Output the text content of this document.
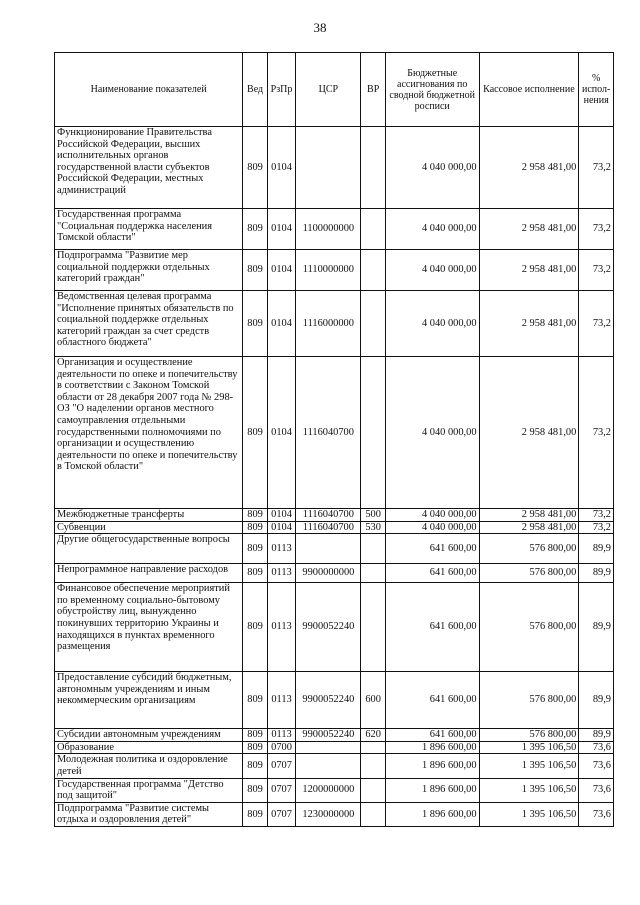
38
Наименование показателей	Вед	РзПр	ЦСР	ВР	Бюджетные ассигнования по сводной бюджетной росписи	Кассовое исполнение	% испол-нения
Функционирование Правительства Российской Федерации, высших исполнительных органов государственной власти субъектов Российской Федерации, местных администраций	809	0104			4 040 000,00	2 958 481,00	73,2
Государственная программа "Социальная поддержка населения Томской области"	809	0104	1100000000		4 040 000,00	2 958 481,00	73,2
Подпрограмма "Развитие мер социальной поддержки отдельных категорий граждан"	809	0104	1110000000		4 040 000,00	2 958 481,00	73,2
Ведомственная целевая программа "Исполнение принятых обязательств по социальной поддержке отдельных категорий граждан за счет средств областного бюджета"	809	0104	1116000000		4 040 000,00	2 958 481,00	73,2
Организация и осуществление деятельности по опеке и попечительству в соответствии с Законом Томской области от 28 декабря 2007 года № 298-ОЗ "О наделении органов местного самоуправления отдельными государственными полномочиями по организации и осуществлению деятельности по опеке и попечительству в Томской области"	809	0104	1116040700		4 040 000,00	2 958 481,00	73,2
Межбюджетные трансферты	809	0104	1116040700	500	4 040 000,00	2 958 481,00	73,2
Субвенции	809	0104	1116040700	530	4 040 000,00	2 958 481,00	73,2
Другие общегосударственные вопросы	809	0113			641 600,00	576 800,00	89,9
Непрограммное направление расходов	809	0113	9900000000		641 600,00	576 800,00	89,9
Финансовое обеспечение мероприятий по временному социально-бытовому обустройству лиц, вынужденно покинувших территорию Украины и находящихся в пунктах временного размещения	809	0113	9900052240		641 600,00	576 800,00	89,9
Предоставление субсидий бюджетным, автономным учреждениям и иным некоммерческим организациям	809	0113	9900052240	600	641 600,00	576 800,00	89,9
Субсидии автономным учреждениям	809	0113	9900052240	620	641 600,00	576 800,00	89,9
Образование	809	0700			1 896 600,00	1 395 106,50	73,6
Молодежная политика и оздоровление детей	809	0707			1 896 600,00	1 395 106,50	73,6
Государственная программа "Детство под защитой"	809	0707	1200000000		1 896 600,00	1 395 106,50	73,6
Подпрограмма "Развитие системы отдыха и оздоровления детей"	809	0707	1230000000		1 896 600,00	1 395 106,50	73,6
